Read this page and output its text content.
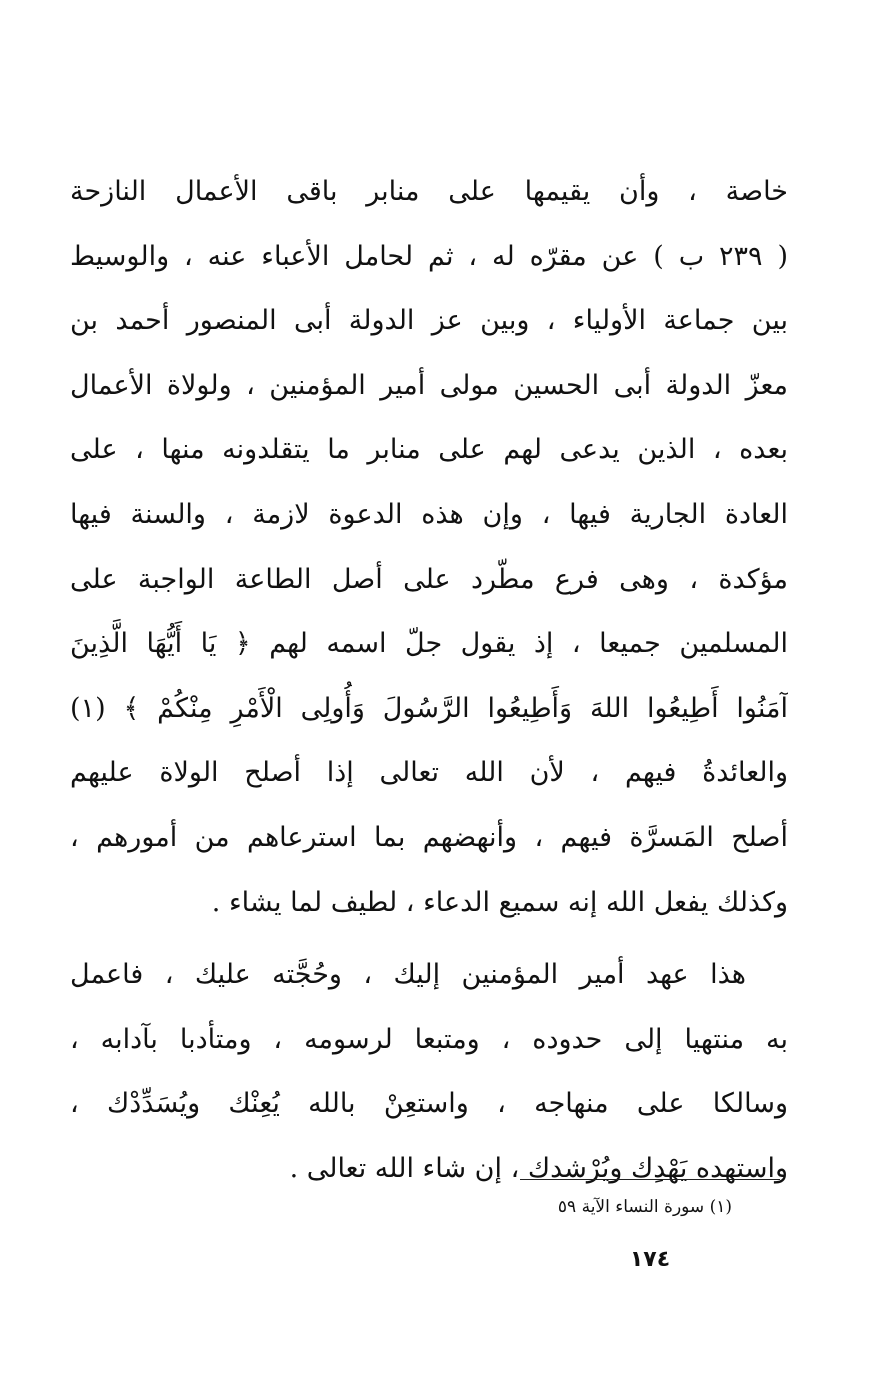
خاصة ، وأن يقيمها على منابر باقى الأعمال النازحة
( ٢٣٩ ب ) عن مقرّه له ، ثم لحامل الأعباء عنه ، والوسيط
بين جماعة الأولياء ، وبين عز الدولة أبى المنصور أحمد بن
معزّ الدولة أبى الحسين مولى أمير المؤمنين ، ولولاة الأعمال
بعده ، الذين يدعى لهم على منابر ما يتقلدونه منها ، على
العادة الجارية فيها ، وإن هذه الدعوة لازمة ، والسنة فيها
مؤكدة ، وهى فرع مطّرد على أصل الطاعة الواجبة على
المسلمين جميعا ، إذ يقول جلّ اسمه لهم ﴿ يَا أَيُّهَا الَّذِينَ
آمَنُوا أَطِيعُوا اللهَ وَأَطِيعُوا الرَّسُولَ وَأُولِى الْأَمْرِ مِنْكُمْ ﴾ (١)
والعائدةُ فيهم ، لأن الله تعالى إذا أصلح الولاة عليهم
أصلح المَسرَّة فيهم ، وأنهضهم بما استرعاهم من أمورهم ،
وكذلك يفعل الله إنه سميع الدعاء ، لطيف لما يشاء .
هذا عهد أمير المؤمنين إليك ، وحُجَّته عليك ، فاعمل
به منتهيا إلى حدوده ، ومتبعا لرسومه ، ومتأدبا بآدابه ،
وسالكا على منهاجه ، واستعِنْ بالله يُعِنْك ويُسَدِّدْك ،
واستهده يَهْدِك ويُرْشدك ، إن شاء الله تعالى .
(١) سورة النساء الآية ٥٩
١٧٤
